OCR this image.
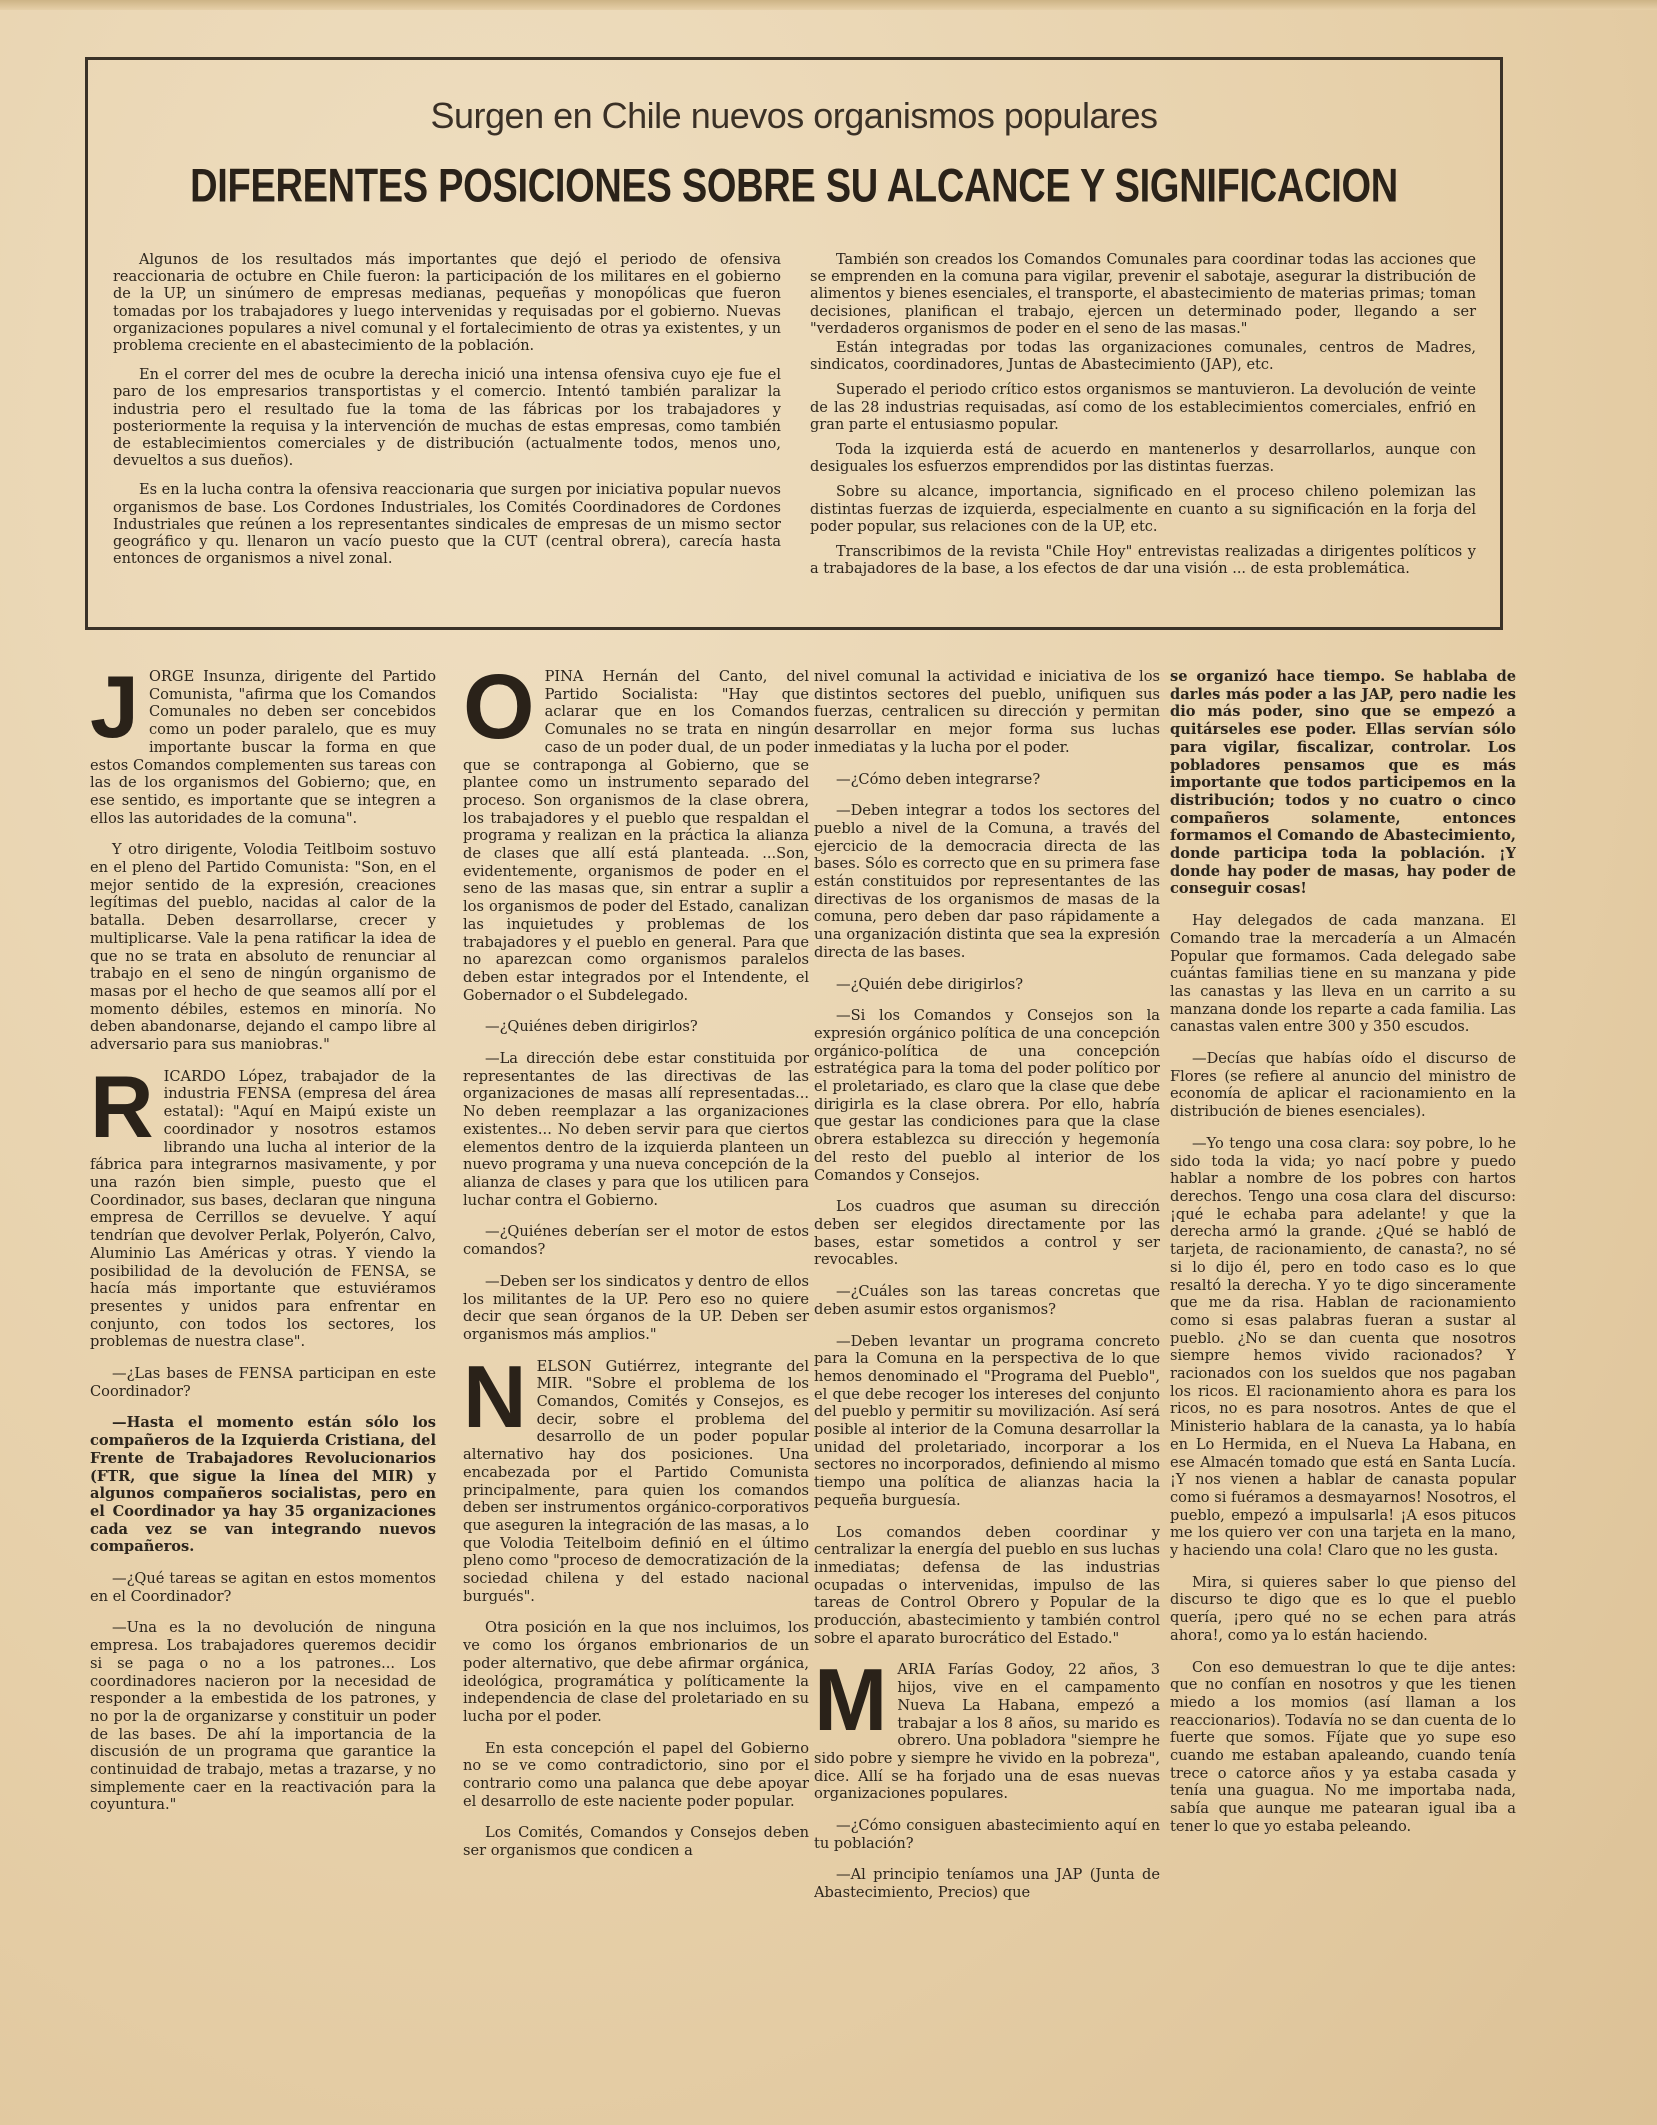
Surgen en Chile nuevos organismos populares
DIFERENTES POSICIONES SOBRE SU ALCANCE Y SIGNIFICACION

Algunos de los resultados más importantes que dejó el periodo de ofensiva reaccionaria de octubre en Chile fueron: la participación de los militares en el gobierno de la UP, un sinúmero de empresas medianas, pequeñas y monopólicas que fueron tomadas por los trabajadores y luego intervenidas y requisadas por el gobierno. Nuevas organizaciones populares a nivel comunal y el fortalecimiento de otras ya existentes, y un problema creciente en el abastecimiento de la población.

En el correr del mes de ocubre la derecha inició una intensa ofensiva cuyo eje fue el paro de los empresarios transportistas y el comercio. Intentó también paralizar la industria pero el resultado fue la toma de las fábricas por los trabajadores y posteriormente la requisa y la intervención de muchas de estas empresas, como también de establecimientos comerciales y de distribución (actualmente todos, menos uno, devueltos a sus dueños).

Es en la lucha contra la ofensiva reaccionaria que surgen por iniciativa popular nuevos organismos de base. Los Cordones Industriales, los Comités Coordinadores de Cordones Industriales que reúnen a los representantes sindicales de empresas de un mismo sector geográfico y qu. llenaron un vacío puesto que la CUT (central obrera), carecía hasta entonces de organismos a nivel zonal.

También son creados los Comandos Comunales para coordinar todas las acciones que se emprenden en la comuna para vigilar, prevenir el sabotaje, asegurar la distribución de alimentos y bienes esenciales, el transporte, el abastecimiento de materias primas; toman decisiones, planifican el trabajo, ejercen un determinado poder, llegando a ser "verdaderos organismos de poder en el seno de las masas."

Están integradas por todas las organizaciones comunales, centros de Madres, sindicatos, coordinadores, Juntas de Abastecimiento (JAP), etc.

Superado el periodo crítico estos organismos se mantuvieron. La devolución de veinte de las 28 industrias requisadas, así como de los establecimientos comerciales, enfrió en gran parte el entusiasmo popular.

Toda la izquierda está de acuerdo en mantenerlos y desarrollarlos, aunque con desiguales los esfuerzos emprendidos por las distintas fuerzas.

Sobre su alcance, importancia, significado en el proceso chileno polemizan las distintas fuerzas de izquierda, especialmente en cuanto a su significación en la forja del poder popular, sus relaciones con de la UP, etc.

Transcribimos de la revista "Chile Hoy" entrevistas realizadas a dirigentes políticos y a trabajadores de la base, a los efectos de dar una visión ... de esta problemática.

JORGE Insunza, dirigente del Partido Comunista, "afirma que los Comandos Comunales no deben ser concebidos como un poder paralelo, que es muy importante buscar la forma en que estos Comandos complementen sus tareas con las de los organismos del Gobierno; que, en ese sentido, es importante que se integren a ellos las autoridades de la comuna".

Y otro dirigente, Volodia Teitlboim sostuvo en el pleno del Partido Comunista: "Son, en el mejor sentido de la expresión, creaciones legítimas del pueblo, nacidas al calor de la batalla. Deben desarrollarse, crecer y multiplicarse. Vale la pena ratificar la idea de que no se trata en absoluto de renunciar al trabajo en el seno de ningún organismo de masas por el hecho de que seamos allí por el momento débiles, estemos en minoría. No deben abandonarse, dejando el campo libre al adversario para sus maniobras."

RICARDO López, trabajador de la industria FENSA (empresa del área estatal): "Aquí en Maipú existe un coordinador y nosotros estamos librando una lucha al interior de la fábrica para integrarnos masivamente, y por una razón bien simple, puesto que el Coordinador, sus bases, declaran que ninguna empresa de Cerrillos se devuelve. Y aquí tendrían que devolver Perlak, Polyerón, Calvo, Aluminio Las Américas y otras. Y viendo la posibilidad de la devolución de FENSA, se hacía más importante que estuviéramos presentes y unidos para enfrentar en conjunto, con todos los sectores, los problemas de nuestra clase".

—¿Las bases de FENSA participan en este Coordinador?

—Hasta el momento están sólo los compañeros de la Izquierda Cristiana, del Frente de Trabajadores Revolucionarios (FTR, que sigue la línea del MIR) y algunos compañeros socialistas, pero en el Coordinador ya hay 35 organizaciones cada vez se van integrando nuevos compañeros.

—¿Qué tareas se agitan en estos momentos en el Coordinador?

—Una es la no devolución de ninguna empresa. Los trabajadores queremos decidir si se paga o no a los patrones... Los coordinadores nacieron por la necesidad de responder a la embestida de los patrones, y no por la de organizarse y constituir un poder de las bases. De ahí la importancia de la discusión de un programa que garantice la continuidad de trabajo, metas a trazarse, y no simplemente caer en la reactivación para la coyuntura."

OPINA Hernán del Canto, del Partido Socialista: "Hay que aclarar que en los Comandos Comunales no se trata en ningún caso de un poder dual, de un poder que se contraponga al Gobierno, que se plantee como un instrumento separado del proceso. Son organismos de la clase obrera, los trabajadores y el pueblo que respaldan el programa y realizan en la práctica la alianza de clases que allí está planteada. ...Son, evidentemente, organismos de poder en el seno de las masas que, sin entrar a suplir a los organismos de poder del Estado, canalizan las inquietudes y problemas de los trabajadores y el pueblo en general. Para que no aparezcan como organismos paralelos deben estar integrados por el Intendente, el Gobernador o el Subdelegado.

—¿Quiénes deben dirigirlos?

—La dirección debe estar constituida por representantes de las directivas de las organizaciones de masas allí representadas... No deben reemplazar a las organizaciones existentes... No deben servir para que ciertos elementos dentro de la izquierda planteen un nuevo programa y una nueva concepción de la alianza de clases y para que los utilicen para luchar contra el Gobierno.

—¿Quiénes deberían ser el motor de estos comandos?

—Deben ser los sindicatos y dentro de ellos los militantes de la UP. Pero eso no quiere decir que sean órganos de la UP. Deben ser organismos más amplios."

NELSON Gutiérrez, integrante del MIR. "Sobre el problema de los Comandos, Comités y Consejos, es decir, sobre el problema del desarrollo de un poder popular alternativo hay dos posiciones. Una encabezada por el Partido Comunista principalmente, para quien los comandos deben ser instrumentos orgánico-corporativos que aseguren la integración de las masas, a lo que Volodia Teitelboim definió en el último pleno como "proceso de democratización de la sociedad chilena y del estado nacional burgués".

Otra posición en la que nos incluimos, los ve como los órganos embrionarios de un poder alternativo, que debe afirmar orgánica, ideológica, programática y políticamente la independencia de clase del proletariado en su lucha por el poder.

En esta concepción el papel del Gobierno no se ve como contradictorio, sino por el contrario como una palanca que debe apoyar el desarrollo de este naciente poder popular.

Los Comités, Comandos y Consejos deben ser organismos que condicen a

nivel comunal la actividad e iniciativa de los distintos sectores del pueblo, unifiquen sus fuerzas, centralicen su dirección y permitan desarrollar en mejor forma sus luchas inmediatas y la lucha por el poder.

—¿Cómo deben integrarse?

—Deben integrar a todos los sectores del pueblo a nivel de la Comuna, a través del ejercicio de la democracia directa de las bases. Sólo es correcto que en su primera fase están constituidos por representantes de las directivas de los organismos de masas de la comuna, pero deben dar paso rápidamente a una organización distinta que sea la expresión directa de las bases.

—¿Quién debe dirigirlos?

—Si los Comandos y Consejos son la expresión orgánico política de una concepción orgánico-política de una concepción estratégica para la toma del poder político por el proletariado, es claro que la clase que debe dirigirla es la clase obrera. Por ello, habría que gestar las condiciones para que la clase obrera establezca su dirección y hegemonía del resto del pueblo al interior de los Comandos y Consejos.

Los cuadros que asuman su dirección deben ser elegidos directamente por las bases, estar sometidos a control y ser revocables.

—¿Cuáles son las tareas concretas que deben asumir estos organismos?

—Deben levantar un programa concreto para la Comuna en la perspectiva de lo que hemos denominado el "Programa del Pueblo", el que debe recoger los intereses del conjunto del pueblo y permitir su movilización. Así será posible al interior de la Comuna desarrollar la unidad del proletariado, incorporar a los sectores no incorporados, definiendo al mismo tiempo una política de alianzas hacia la pequeña burguesía.

Los comandos deben coordinar y centralizar la energía del pueblo en sus luchas inmediatas; defensa de las industrias ocupadas o intervenidas, impulso de las tareas de Control Obrero y Popular de la producción, abastecimiento y también control sobre el aparato burocrático del Estado."

MARIA Farías Godoy, 22 años, 3 hijos, vive en el campamento Nueva La Habana, empezó a trabajar a los 8 años, su marido es obrero. Una pobladora "siempre he sido pobre y siempre he vivido en la pobreza", dice. Allí se ha forjado una de esas nuevas organizaciones populares.

—¿Cómo consiguen abastecimiento aquí en tu población?

—Al principio teníamos una JAP (Junta de Abastecimiento, Precios) que

se organizó hace tiempo. Se hablaba de darles más poder a las JAP, pero nadie les dio más poder, sino que se empezó a quitárseles ese poder. Ellas servían sólo para vigilar, fiscalizar, controlar. Los pobladores pensamos que es más importante que todos participemos en la distribución; todos y no cuatro o cinco compañeros solamente, entonces formamos el Comando de Abastecimiento, donde participa toda la población. ¡Y donde hay poder de masas, hay poder de conseguir cosas!

Hay delegados de cada manzana. El Comando trae la mercadería a un Almacén Popular que formamos. Cada delegado sabe cuántas familias tiene en su manzana y pide las canastas y las lleva en un carrito a su manzana donde los reparte a cada familia. Las canastas valen entre 300 y 350 escudos.

—Decías que habías oído el discurso de Flores (se refiere al anuncio del ministro de economía de aplicar el racionamiento en la distribución de bienes esenciales).

—Yo tengo una cosa clara: soy pobre, lo he sido toda la vida; yo nací pobre y puedo hablar a nombre de los pobres con hartos derechos. Tengo una cosa clara del discurso: ¡qué le echaba para adelante! y que la derecha armó la grande. ¿Qué se habló de tarjeta, de racionamiento, de canasta?, no sé si lo dijo él, pero en todo caso es lo que resaltó la derecha. Y yo te digo sinceramente que me da risa. Hablan de racionamiento como si esas palabras fueran a sustar al pueblo. ¿No se dan cuenta que nosotros siempre hemos vivido racionados? Y racionados con los sueldos que nos pagaban los ricos. El racionamiento ahora es para los ricos, no es para nosotros. Antes de que el Ministerio hablara de la canasta, ya lo había en Lo Hermida, en el Nueva La Habana, en ese Almacén tomado que está en Santa Lucía. ¡Y nos vienen a hablar de canasta popular como si fuéramos a desmayarnos! Nosotros, el pueblo, empezó a impulsarla! ¡A esos pitucos me los quiero ver con una tarjeta en la mano, y haciendo una cola! Claro que no les gusta.

Mira, si quieres saber lo que pienso del discurso te digo que es lo que el pueblo quería, ¡pero qué no se echen para atrás ahora!, como ya lo están haciendo.

Con eso demuestran lo que te dije antes: que no confían en nosotros y que les tienen miedo a los momios (así llaman a los reaccionarios). Todavía no se dan cuenta de lo fuerte que somos. Fíjate que yo supe eso cuando me estaban apaleando, cuando tenía trece o catorce años y ya estaba casada y tenía una guagua. No me importaba nada, sabía que aunque me patearan igual iba a tener lo que yo estaba peleando.
